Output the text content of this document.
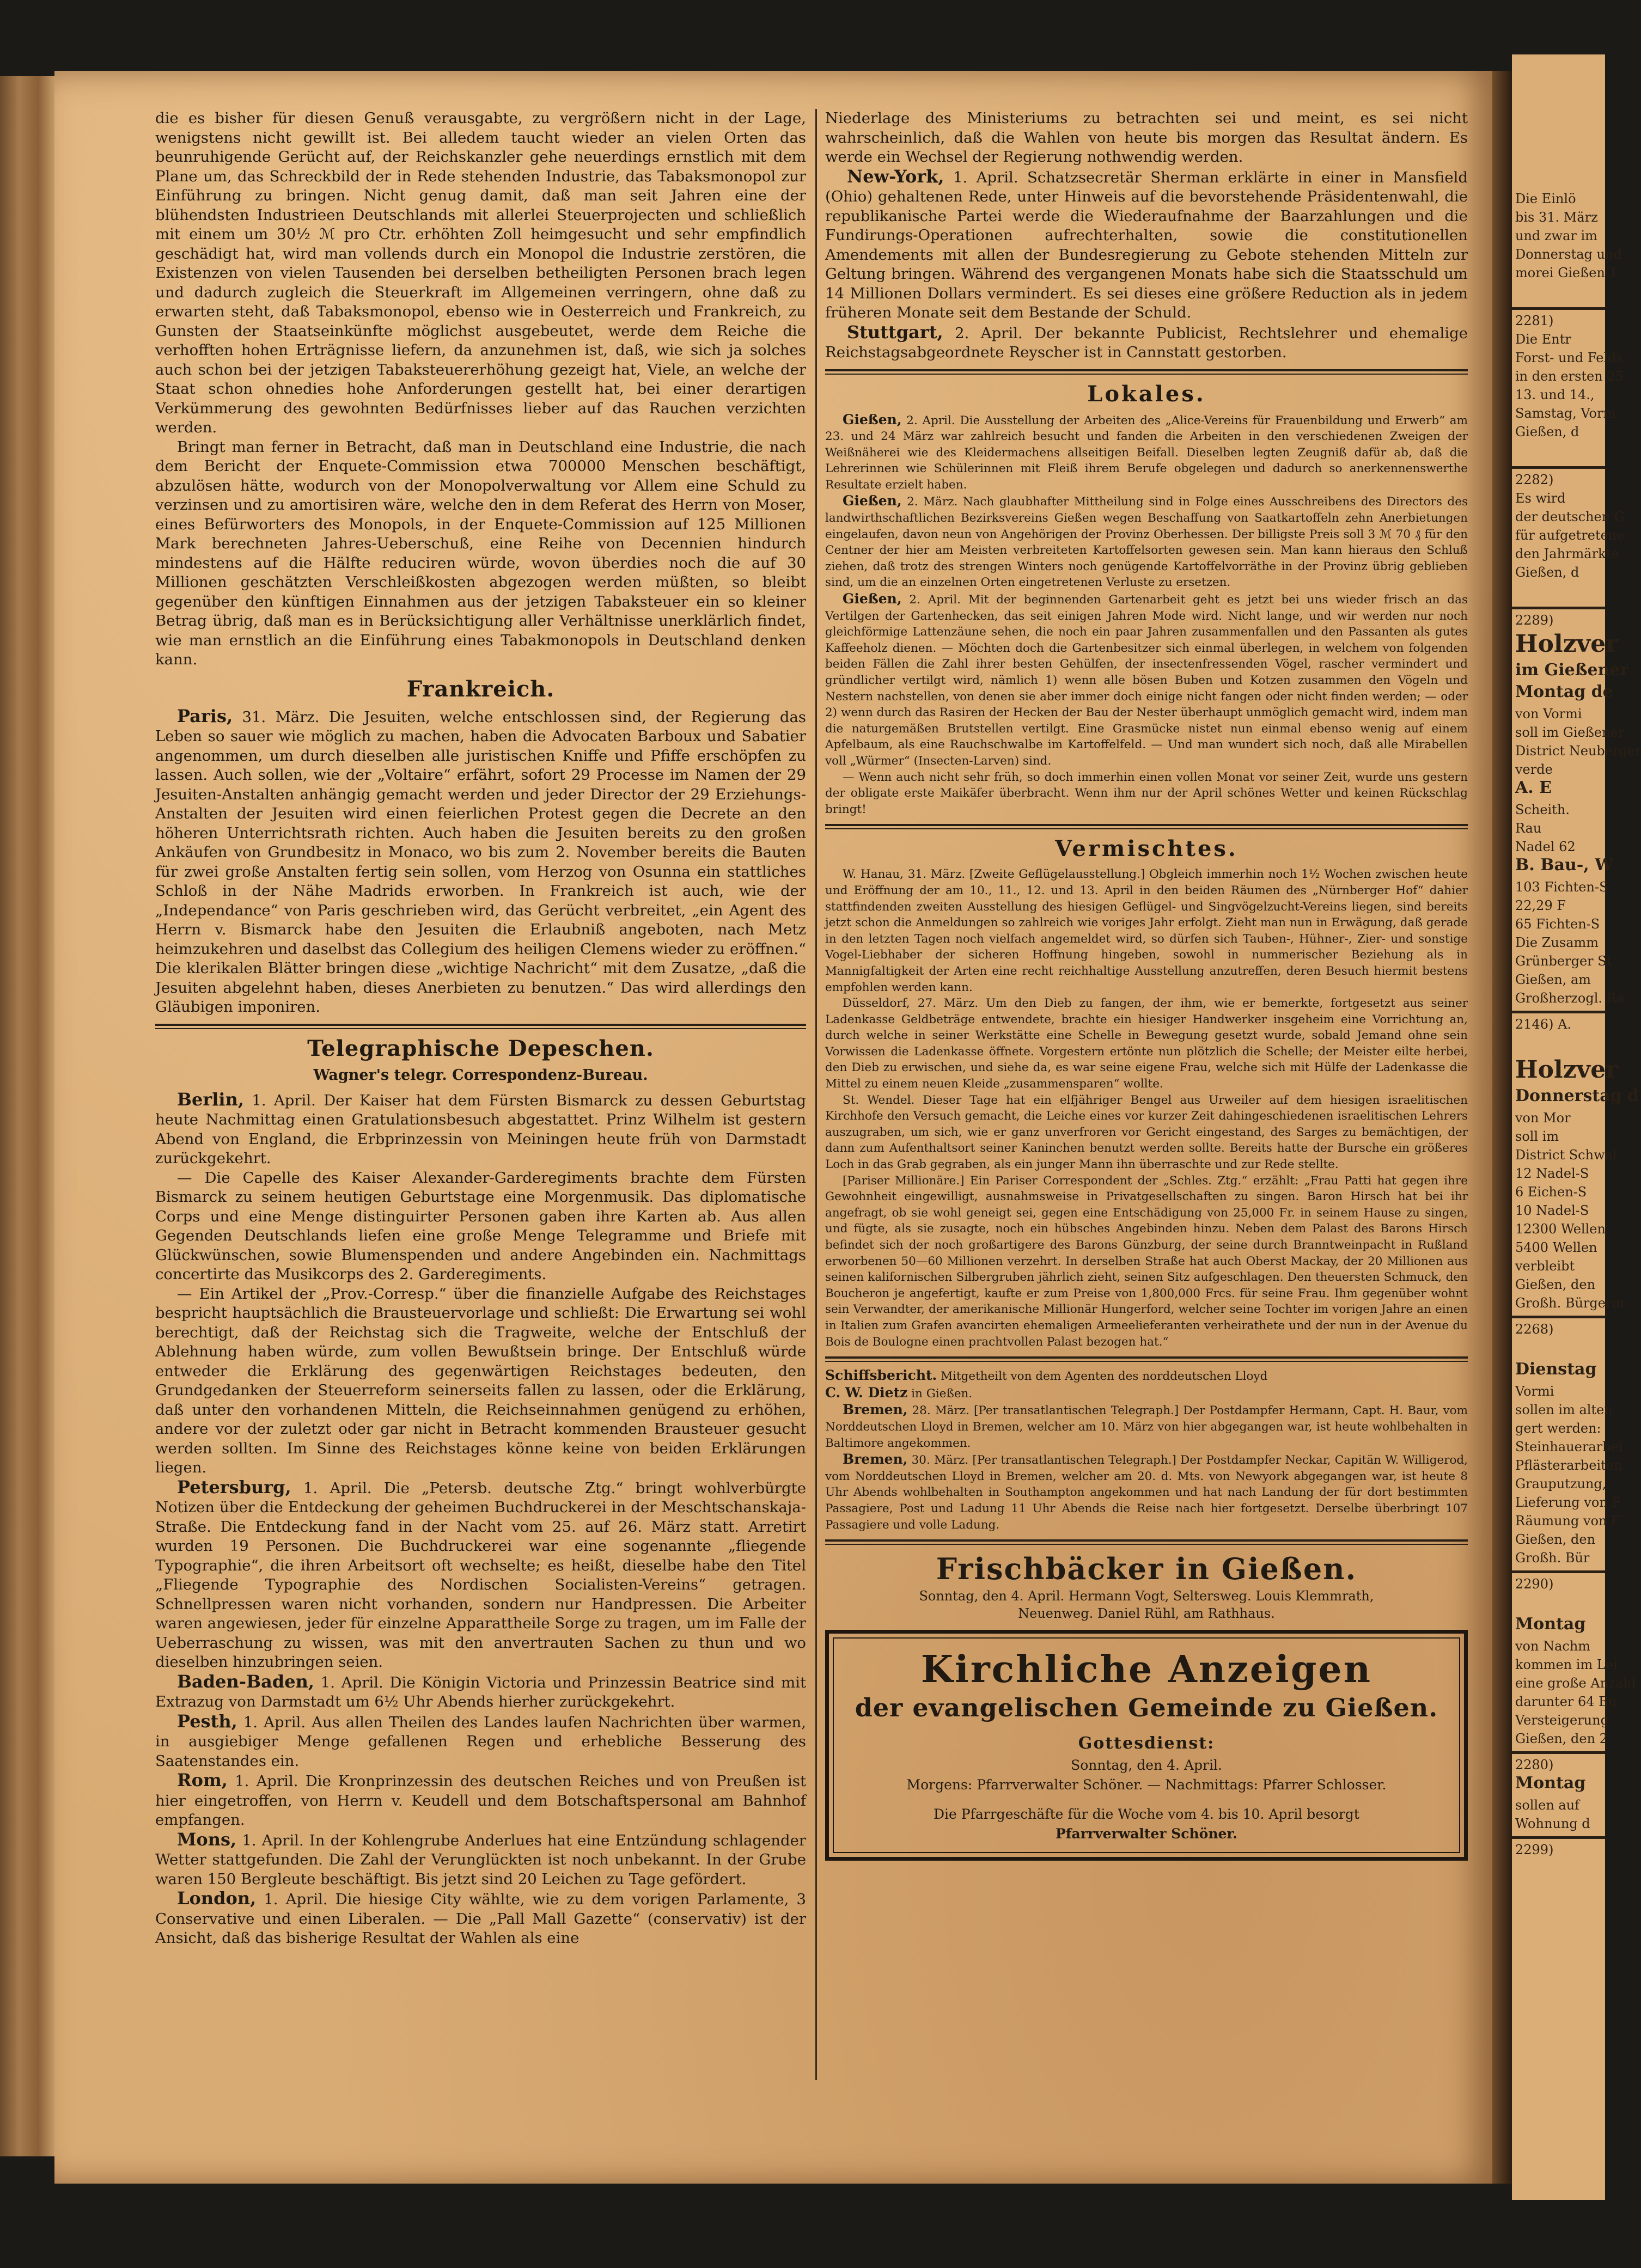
Die Einlö
bis 31. März
und zwar im
Donnerstag und
morei Gießen 1
2281)
Die Entr
Forst- und Felds
in den ersten 25
13. und 14.,
Samstag, Vorm
Gießen, d
2282)
Es wird
der deutschen G
für aufgetretene
den Jahrmärkte
Gießen, d
2289)
Holzver
im Gießener
Montag de
von Vormi
soll im Gießener
District Neuberger
verde
A. E
Scheith.
Rau
Nadel 62
B. Bau-, W
103 Fichten-S
22,29 F
65 Fichten-S
Die Zusamm
Grünberger St
Gießen, am
Großherzogl. Ra
2146) A.
Holzver
Donnerstag d
von Mor
soll im
District Schwal
12 Nadel-S
6 Eichen-S
10 Nadel-S
12300 Wellen
5400 Wellen
verbleibt
Gießen, den
Großh. Bürgerm
2268)
Dienstag
Vormi
sollen im alten
gert werden:
Steinhauerarbei
Pflästerarbeiten
Grauputzung,
Lieferung von F
Räumung von F
Gießen, den
Großh. Bür
2290)
Montag
von Nachm
kommen im Lei
eine große Anzahl
darunter 64 Bu
Versteigerung
Gießen, den 2
2280)
Montag
sollen auf
Wohnung d
2299)

die es bisher für diesen Genuß verausgabte, zu vergrößern nicht in der Lage, wenigstens nicht gewillt ist. Bei alledem taucht wieder an vielen Orten das beunruhigende Gerücht auf, der Reichskanzler gehe neuerdings ernstlich mit dem Plane um, das Schreckbild der in Rede stehenden Industrie, das Tabaksmonopol zur Einführung zu bringen. Nicht genug damit, daß man seit Jahren eine der blühendsten Industrieen Deutschlands mit allerlei Steuerprojecten und schließlich mit einem um 30½ ℳ pro Ctr. erhöhten Zoll heimgesucht und sehr empfindlich geschädigt hat, wird man vollends durch ein Monopol die Industrie zerstören, die Existenzen von vielen Tausenden bei derselben betheiligten Personen brach legen und dadurch zugleich die Steuerkraft im Allgemeinen verringern, ohne daß zu erwarten steht, daß Tabaksmonopol, ebenso wie in Oesterreich und Frankreich, zu Gunsten der Staatseinkünfte möglichst ausgebeutet, werde dem Reiche die verhofften hohen Erträgnisse liefern, da anzunehmen ist, daß, wie sich ja solches auch schon bei der jetzigen Tabaksteuererhöhung gezeigt hat, Viele, an welche der Staat schon ohnedies hohe Anforderungen gestellt hat, bei einer derartigen Verkümmerung des gewohnten Bedürfnisses lieber auf das Rauchen verzichten werden.

Bringt man ferner in Betracht, daß man in Deutschland eine Industrie, die nach dem Bericht der Enquete-Commission etwa 700000 Menschen beschäftigt, abzulösen hätte, wodurch von der Monopolverwaltung vor Allem eine Schuld zu verzinsen und zu amortisiren wäre, welche den in dem Referat des Herrn von Moser, eines Befürworters des Monopols, in der Enquete-Commission auf 125 Millionen Mark berechneten Jahres-Ueberschuß, eine Reihe von Decennien hindurch mindestens auf die Hälfte reduciren würde, wovon überdies noch die auf 30 Millionen geschätzten Verschleißkosten abgezogen werden müßten, so bleibt gegenüber den künftigen Einnahmen aus der jetzigen Tabaksteuer ein so kleiner Betrag übrig, daß man es in Berücksichtigung aller Verhältnisse unerklärlich findet, wie man ernstlich an die Einführung eines Tabakmonopols in Deutschland denken kann.

Frankreich.

Paris, 31. März. Die Jesuiten, welche entschlossen sind, der Regierung das Leben so sauer wie möglich zu machen, haben die Advocaten Barboux und Sabatier angenommen, um durch dieselben alle juristischen Kniffe und Pfiffe erschöpfen zu lassen. Auch sollen, wie der „Voltaire“ erfährt, sofort 29 Processe im Namen der 29 Jesuiten-Anstalten anhängig gemacht werden und jeder Director der 29 Erziehungs-Anstalten der Jesuiten wird einen feierlichen Protest gegen die Decrete an den höheren Unterrichtsrath richten. Auch haben die Jesuiten bereits zu den großen Ankäufen von Grundbesitz in Monaco, wo bis zum 2. November bereits die Bauten für zwei große Anstalten fertig sein sollen, vom Herzog von Osunna ein stattliches Schloß in der Nähe Madrids erworben. In Frankreich ist auch, wie der „Independance“ von Paris geschrieben wird, das Gerücht verbreitet, „ein Agent des Herrn v. Bismarck habe den Jesuiten die Erlaubniß angeboten, nach Metz heimzukehren und daselbst das Collegium des heiligen Clemens wieder zu eröffnen.“ Die klerikalen Blätter bringen diese „wichtige Nachricht“ mit dem Zusatze, „daß die Jesuiten abgelehnt haben, dieses Anerbieten zu benutzen.“ Das wird allerdings den Gläubigen imponiren.

Telegraphische Depeschen.
Wagner's telegr. Correspondenz-Bureau.

Berlin, 1. April. Der Kaiser hat dem Fürsten Bismarck zu dessen Geburtstag heute Nachmittag einen Gratulationsbesuch abgestattet. Prinz Wilhelm ist gestern Abend von England, die Erbprinzessin von Meiningen heute früh von Darmstadt zurückgekehrt.

— Die Capelle des Kaiser Alexander-Garderegiments brachte dem Fürsten Bismarck zu seinem heutigen Geburtstage eine Morgenmusik. Das diplomatische Corps und eine Menge distinguirter Personen gaben ihre Karten ab. Aus allen Gegenden Deutschlands liefen eine große Menge Telegramme und Briefe mit Glückwünschen, sowie Blumenspenden und andere Angebinden ein. Nachmittags concertirte das Musikcorps des 2. Garderegiments.

— Ein Artikel der „Prov.-Corresp.“ über die finanzielle Aufgabe des Reichstages bespricht hauptsächlich die Brausteuervorlage und schließt: Die Erwartung sei wohl berechtigt, daß der Reichstag sich die Tragweite, welche der Entschluß der Ablehnung haben würde, zum vollen Bewußtsein bringe. Der Entschluß würde entweder die Erklärung des gegenwärtigen Reichstages bedeuten, den Grundgedanken der Steuerreform seinerseits fallen zu lassen, oder die Erklärung, daß unter den vorhandenen Mitteln, die Reichseinnahmen genügend zu erhöhen, andere vor der zuletzt oder gar nicht in Betracht kommenden Brausteuer gesucht werden sollten. Im Sinne des Reichstages könne keine von beiden Erklärungen liegen.

Petersburg, 1. April. Die „Petersb. deutsche Ztg.“ bringt wohlverbürgte Notizen über die Entdeckung der geheimen Buchdruckerei in der Meschtschanskaja-Straße. Die Entdeckung fand in der Nacht vom 25. auf 26. März statt. Arretirt wurden 19 Personen. Die Buchdruckerei war eine sogenannte „fliegende Typographie“, die ihren Arbeitsort oft wechselte; es heißt, dieselbe habe den Titel „Fliegende Typographie des Nordischen Socialisten-Vereins“ getragen. Schnellpressen waren nicht vorhanden, sondern nur Handpressen. Die Arbeiter waren angewiesen, jeder für einzelne Apparattheile Sorge zu tragen, um im Falle der Ueberraschung zu wissen, was mit den anvertrauten Sachen zu thun und wo dieselben hinzubringen seien.

Baden-Baden, 1. April. Die Königin Victoria und Prinzessin Beatrice sind mit Extrazug von Darmstadt um 6½ Uhr Abends hierher zurückgekehrt.

Pesth, 1. April. Aus allen Theilen des Landes laufen Nachrichten über warmen, in ausgiebiger Menge gefallenen Regen und erhebliche Besserung des Saatenstandes ein.

Rom, 1. April. Die Kronprinzessin des deutschen Reiches und von Preußen ist hier eingetroffen, von Herrn v. Keudell und dem Botschaftspersonal am Bahnhof empfangen.

Mons, 1. April. In der Kohlengrube Anderlues hat eine Entzündung schlagender Wetter stattgefunden. Die Zahl der Verunglückten ist noch unbekannt. In der Grube waren 150 Bergleute beschäftigt. Bis jetzt sind 20 Leichen zu Tage gefördert.

London, 1. April. Die hiesige City wählte, wie zu dem vorigen Parlamente, 3 Conservative und einen Liberalen. — Die „Pall Mall Gazette“ (conservativ) ist der Ansicht, daß das bisherige Resultat der Wahlen als eine

Niederlage des Ministeriums zu betrachten sei und meint, es sei nicht wahrscheinlich, daß die Wahlen von heute bis morgen das Resultat ändern. Es werde ein Wechsel der Regierung nothwendig werden.

New-York, 1. April. Schatzsecretär Sherman erklärte in einer in Mansfield (Ohio) gehaltenen Rede, unter Hinweis auf die bevorstehende Präsidentenwahl, die republikanische Partei werde die Wiederaufnahme der Baarzahlungen und die Fundirungs-Operationen aufrechterhalten, sowie die constitutionellen Amendements mit allen der Bundesregierung zu Gebote stehenden Mitteln zur Geltung bringen. Während des vergangenen Monats habe sich die Staatsschuld um 14 Millionen Dollars vermindert. Es sei dieses eine größere Reduction als in jedem früheren Monate seit dem Bestande der Schuld.

Stuttgart, 2. April. Der bekannte Publicist, Rechtslehrer und ehemalige Reichstagsabgeordnete Reyscher ist in Cannstatt gestorben.

Lokales.

Gießen, 2. April. Die Ausstellung der Arbeiten des „Alice-Vereins für Frauenbildung und Erwerb“ am 23. und 24 März war zahlreich besucht und fanden die Arbeiten in den verschiedenen Zweigen der Weißnäherei wie des Kleidermachens allseitigen Beifall. Dieselben legten Zeugniß dafür ab, daß die Lehrerinnen wie Schülerinnen mit Fleiß ihrem Berufe obgelegen und dadurch so anerkennenswerthe Resultate erzielt haben.

Gießen, 2. März. Nach glaubhafter Mittheilung sind in Folge eines Ausschreibens des Directors des landwirthschaftlichen Bezirksvereins Gießen wegen Beschaffung von Saatkartoffeln zehn Anerbietungen eingelaufen, davon neun von Angehörigen der Provinz Oberhessen. Der billigste Preis soll 3 ℳ 70 ₰ für den Centner der hier am Meisten verbreiteten Kartoffelsorten gewesen sein. Man kann hieraus den Schluß ziehen, daß trotz des strengen Winters noch genügende Kartoffelvorräthe in der Provinz übrig geblieben sind, um die an einzelnen Orten eingetretenen Verluste zu ersetzen.

Gießen, 2. April. Mit der beginnenden Gartenarbeit geht es jetzt bei uns wieder frisch an das Vertilgen der Gartenhecken, das seit einigen Jahren Mode wird. Nicht lange, und wir werden nur noch gleichförmige Lattenzäune sehen, die noch ein paar Jahren zusammenfallen und den Passanten als gutes Kaffeeholz dienen. — Möchten doch die Gartenbesitzer sich einmal überlegen, in welchem von folgenden beiden Fällen die Zahl ihrer besten Gehülfen, der insectenfressenden Vögel, rascher vermindert und gründlicher vertilgt wird, nämlich 1) wenn alle bösen Buben und Kotzen zusammen den Vögeln und Nestern nachstellen, von denen sie aber immer doch einige nicht fangen oder nicht finden werden; — oder 2) wenn durch das Rasiren der Hecken der Bau der Nester überhaupt unmöglich gemacht wird, indem man die naturgemäßen Brutstellen vertilgt. Eine Grasmücke nistet nun einmal ebenso wenig auf einem Apfelbaum, als eine Rauchschwalbe im Kartoffelfeld. — Und man wundert sich noch, daß alle Mirabellen voll „Würmer“ (Insecten-Larven) sind.

— Wenn auch nicht sehr früh, so doch immerhin einen vollen Monat vor seiner Zeit, wurde uns gestern der obligate erste Maikäfer überbracht. Wenn ihm nur der April schönes Wetter und keinen Rückschlag bringt!

Vermischtes.

W. Hanau, 31. März. [Zweite Geflügelausstellung.] Obgleich immerhin noch 1½ Wochen zwischen heute und Eröffnung der am 10., 11., 12. und 13. April in den beiden Räumen des „Nürnberger Hof“ dahier stattfindenden zweiten Ausstellung des hiesigen Geflügel- und Singvögelzucht-Vereins liegen, sind bereits jetzt schon die Anmeldungen so zahlreich wie voriges Jahr erfolgt. Zieht man nun in Erwägung, daß gerade in den letzten Tagen noch vielfach angemeldet wird, so dürfen sich Tauben-, Hühner-, Zier- und sonstige Vogel-Liebhaber der sicheren Hoffnung hingeben, sowohl in nummerischer Beziehung als in Mannigfaltigkeit der Arten eine recht reichhaltige Ausstellung anzutreffen, deren Besuch hiermit bestens empfohlen werden kann.

Düsseldorf, 27. März. Um den Dieb zu fangen, der ihm, wie er bemerkte, fortgesetzt aus seiner Ladenkasse Geldbeträge entwendete, brachte ein hiesiger Handwerker insgeheim eine Vorrichtung an, durch welche in seiner Werkstätte eine Schelle in Bewegung gesetzt wurde, sobald Jemand ohne sein Vorwissen die Ladenkasse öffnete. Vorgestern ertönte nun plötzlich die Schelle; der Meister eilte herbei, den Dieb zu erwischen, und siehe da, es war seine eigene Frau, welche sich mit Hülfe der Ladenkasse die Mittel zu einem neuen Kleide „zusammensparen“ wollte.

St. Wendel. Dieser Tage hat ein elfjähriger Bengel aus Urweiler auf dem hiesigen israelitischen Kirchhofe den Versuch gemacht, die Leiche eines vor kurzer Zeit dahingeschiedenen israelitischen Lehrers auszugraben, um sich, wie er ganz unverfroren vor Gericht eingestand, des Sarges zu bemächtigen, der dann zum Aufenthaltsort seiner Kaninchen benutzt werden sollte. Bereits hatte der Bursche ein größeres Loch in das Grab gegraben, als ein junger Mann ihn überraschte und zur Rede stellte.

[Pariser Millionäre.] Ein Pariser Correspondent der „Schles. Ztg.“ erzählt: „Frau Patti hat gegen ihre Gewohnheit eingewilligt, ausnahmsweise in Privatgesellschaften zu singen. Baron Hirsch hat bei ihr angefragt, ob sie wohl geneigt sei, gegen eine Entschädigung von 25,000 Fr. in seinem Hause zu singen, und fügte, als sie zusagte, noch ein hübsches Angebinden hinzu. Neben dem Palast des Barons Hirsch befindet sich der noch großartigere des Barons Günzburg, der seine durch Branntweinpacht in Rußland erworbenen 50—60 Millionen verzehrt. In derselben Straße hat auch Oberst Mackay, der 20 Millionen aus seinen kalifornischen Silbergruben jährlich zieht, seinen Sitz aufgeschlagen. Den theuersten Schmuck, den Boucheron je angefertigt, kaufte er zum Preise von 1,800,000 Frcs. für seine Frau. Ihm gegenüber wohnt sein Verwandter, der amerikanische Millionär Hungerford, welcher seine Tochter im vorigen Jahre an einen in Italien zum Grafen avancirten ehemaligen Armeelieferanten verheirathete und der nun in der Avenue du Bois de Boulogne einen prachtvollen Palast bezogen hat.“

Schiffsbericht. Mitgetheilt von dem Agenten des norddeutschen Lloyd
C. W. Dietz in Gießen.

Bremen, 28. März. [Per transatlantischen Telegraph.] Der Postdampfer Hermann, Capt. H. Baur, vom Norddeutschen Lloyd in Bremen, welcher am 10. März von hier abgegangen war, ist heute wohlbehalten in Baltimore angekommen.

Bremen, 30. März. [Per transatlantischen Telegraph.] Der Postdampfer Neckar, Capitän W. Willigerod, vom Norddeutschen Lloyd in Bremen, welcher am 20. d. Mts. von Newyork abgegangen war, ist heute 8 Uhr Abends wohlbehalten in Southampton angekommen und hat nach Landung der für dort bestimmten Passagiere, Post und Ladung 11 Uhr Abends die Reise nach hier fortgesetzt. Derselbe überbringt 107 Passagiere und volle Ladung.

Frischbäcker in Gießen.
Sonntag, den 4. April. Hermann Vogt, Seltersweg. Louis Klemmrath,
Neuenweg. Daniel Rühl, am Rathhaus.
Kirchliche Anzeigen
der evangelischen Gemeinde zu Gießen.
Gottesdienst:
Sonntag, den 4. April.
Morgens: Pfarrverwalter Schöner. — Nachmittags: Pfarrer Schlosser.
Die Pfarrgeschäfte für die Woche vom 4. bis 10. April besorgt
Pfarrverwalter Schöner.
